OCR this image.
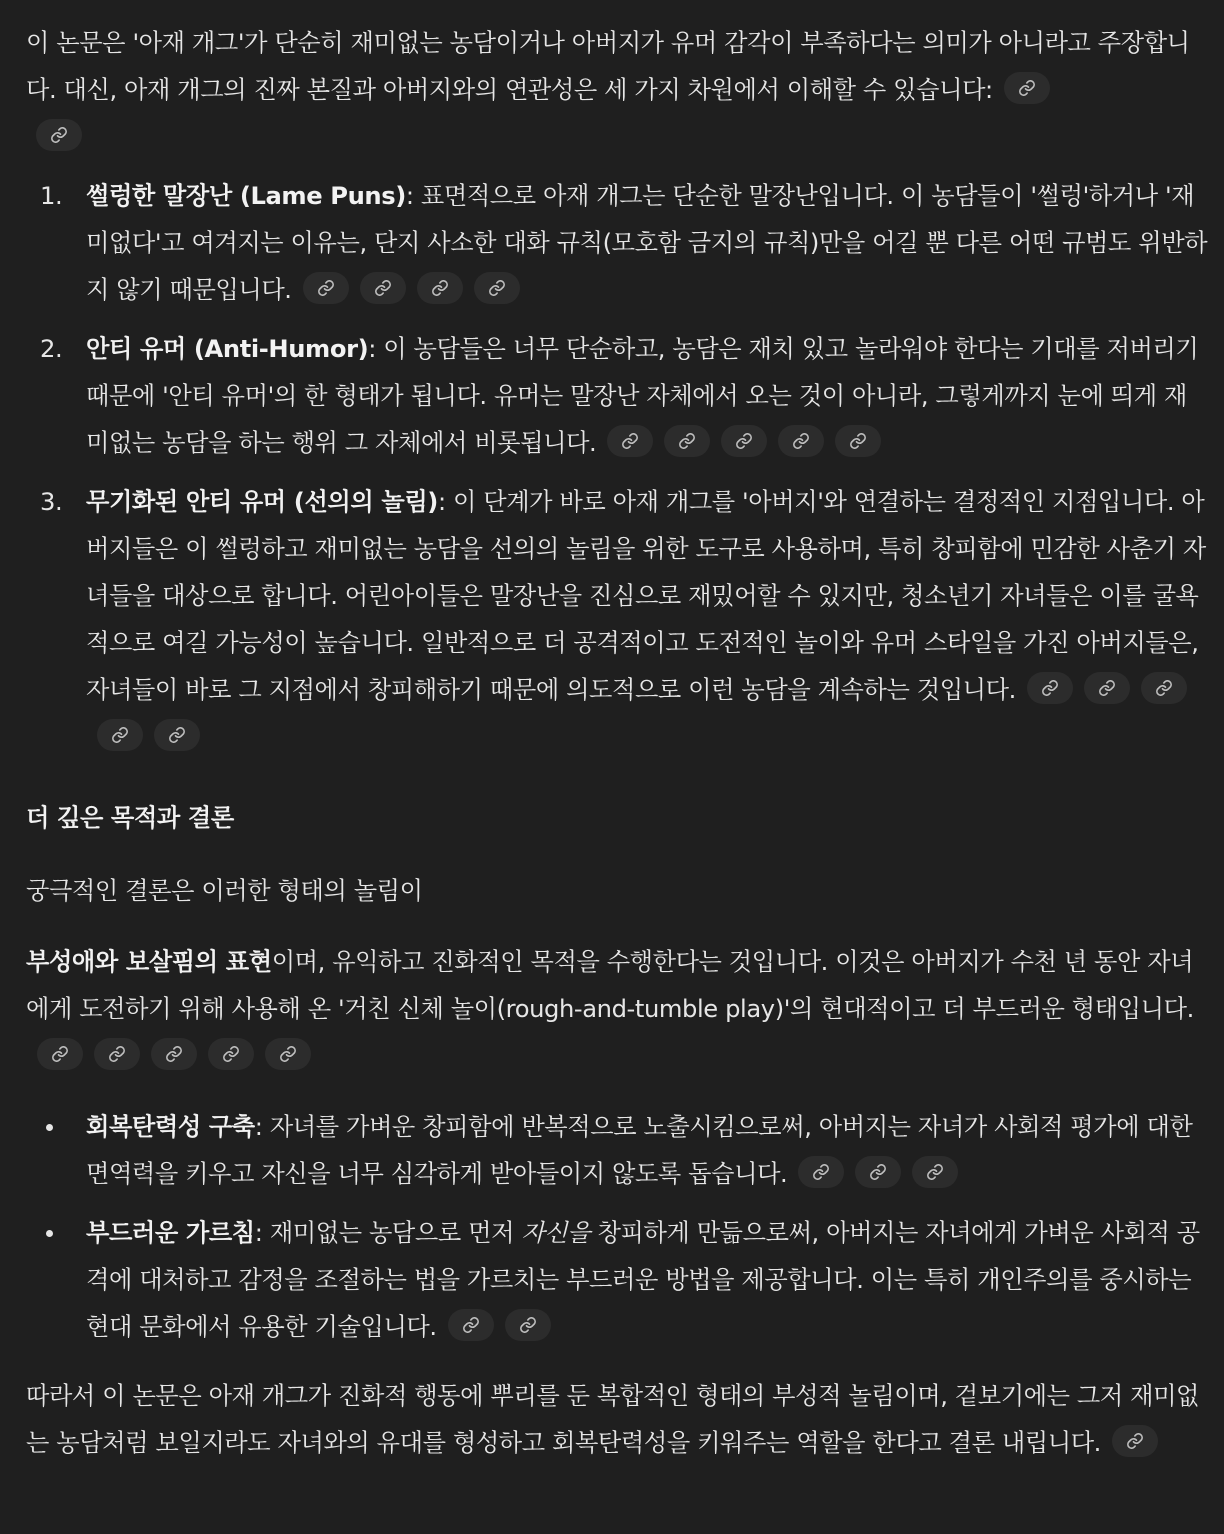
이 논문은 '아재 개그'가 단순히 재미없는 농담이거나 아버지가 유머 감각이 부족하다는 의미가 아니라고 주장합니다. 대신, 아재 개그의 진짜 본질과 아버지와의 연관성은 세 가지 차원에서 이해할 수 있습니다:

1. 썰렁한 말장난 (Lame Puns): 표면적으로 아재 개그는 단순한 말장난입니다. 이 농담들이 '썰렁'하거나 '재미없다'고 여겨지는 이유는, 단지 사소한 대화 규칙(모호함 금지의 규칙)만을 어길 뿐 다른 어떤 규범도 위반하지 않기 때문입니다.
2. 안티 유머 (Anti-Humor): 이 농담들은 너무 단순하고, 농담은 재치 있고 놀라워야 한다는 기대를 저버리기 때문에 '안티 유머'의 한 형태가 됩니다. 유머는 말장난 자체에서 오는 것이 아니라, 그렇게까지 눈에 띄게 재미없는 농담을 하는 행위 그 자체에서 비롯됩니다.
3. 무기화된 안티 유머 (선의의 놀림): 이 단계가 바로 아재 개그를 '아버지'와 연결하는 결정적인 지점입니다. 아버지들은 이 썰렁하고 재미없는 농담을 선의의 놀림을 위한 도구로 사용하며, 특히 창피함에 민감한 사춘기 자녀들을 대상으로 합니다. 어린아이들은 말장난을 진심으로 재밌어할 수 있지만, 청소년기 자녀들은 이를 굴욕적으로 여길 가능성이 높습니다. 일반적으로 더 공격적이고 도전적인 놀이와 유머 스타일을 가진 아버지들은, 자녀들이 바로 그 지점에서 창피해하기 때문에 의도적으로 이런 농담을 계속하는 것입니다.
더 깊은 목적과 결론

궁극적인 결론은 이러한 형태의 놀림이

부성애와 보살핌의 표현이며, 유익하고 진화적인 목적을 수행한다는 것입니다. 이것은 아버지가 수천 년 동안 자녀에게 도전하기 위해 사용해 온 '거친 신체 놀이(rough-and-tumble play)'의 현대적이고 더 부드러운 형태입니다.

회복탄력성 구축: 자녀를 가벼운 창피함에 반복적으로 노출시킴으로써, 아버지는 자녀가 사회적 평가에 대한 면역력을 키우고 자신을 너무 심각하게 받아들이지 않도록 돕습니다.
부드러운 가르침: 재미없는 농담으로 먼저 자신을 창피하게 만듦으로써, 아버지는 자녀에게 가벼운 사회적 공격에 대처하고 감정을 조절하는 법을 가르치는 부드러운 방법을 제공합니다. 이는 특히 개인주의를 중시하는 현대 문화에서 유용한 기술입니다.

따라서 이 논문은 아재 개그가 진화적 행동에 뿌리를 둔 복합적인 형태의 부성적 놀림이며, 겉보기에는 그저 재미없는 농담처럼 보일지라도 자녀와의 유대를 형성하고 회복탄력성을 키워주는 역할을 한다고 결론 내립니다.
